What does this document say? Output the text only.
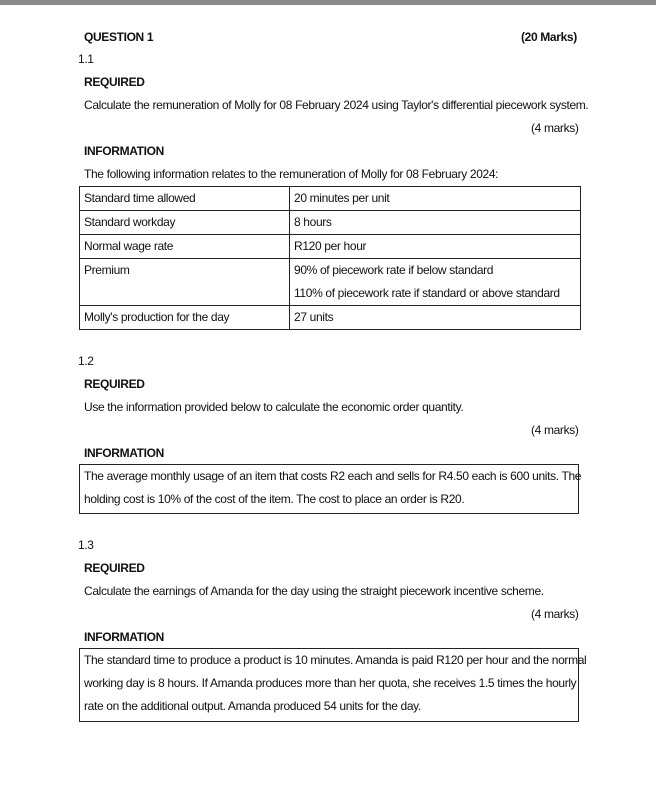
QUESTION 1	(20 Marks)
1.1
REQUIRED
Calculate the remuneration of Molly for 08 February 2024 using Taylor's differential piecework system.
(4 marks)
INFORMATION
The following information relates to the remuneration of Molly for 08 February 2024:
Standard time allowed	20 minutes per unit
Standard workday	8 hours
Normal wage rate	R120 per hour
Premium	90% of piecework rate if below standard
110% of piecework rate if standard or above standard

Molly's production for the day	27 units
1.2
REQUIRED
Use the information provided below to calculate the economic order quantity.
(4 marks)
INFORMATION
The average monthly usage of an item that costs R2 each and sells for R4.50 each is 600 units. The
holding cost is 10% of the cost of the item. The cost to place an order is R20.
1.3
REQUIRED
Calculate the earnings of Amanda for the day using the straight piecework incentive scheme.
(4 marks)
INFORMATION
The standard time to produce a product is 10 minutes. Amanda is paid R120 per hour and the normal
working day is 8 hours. If Amanda produces more than her quota, she receives 1.5 times the hourly
rate on the additional output. Amanda produced 54 units for the day.
